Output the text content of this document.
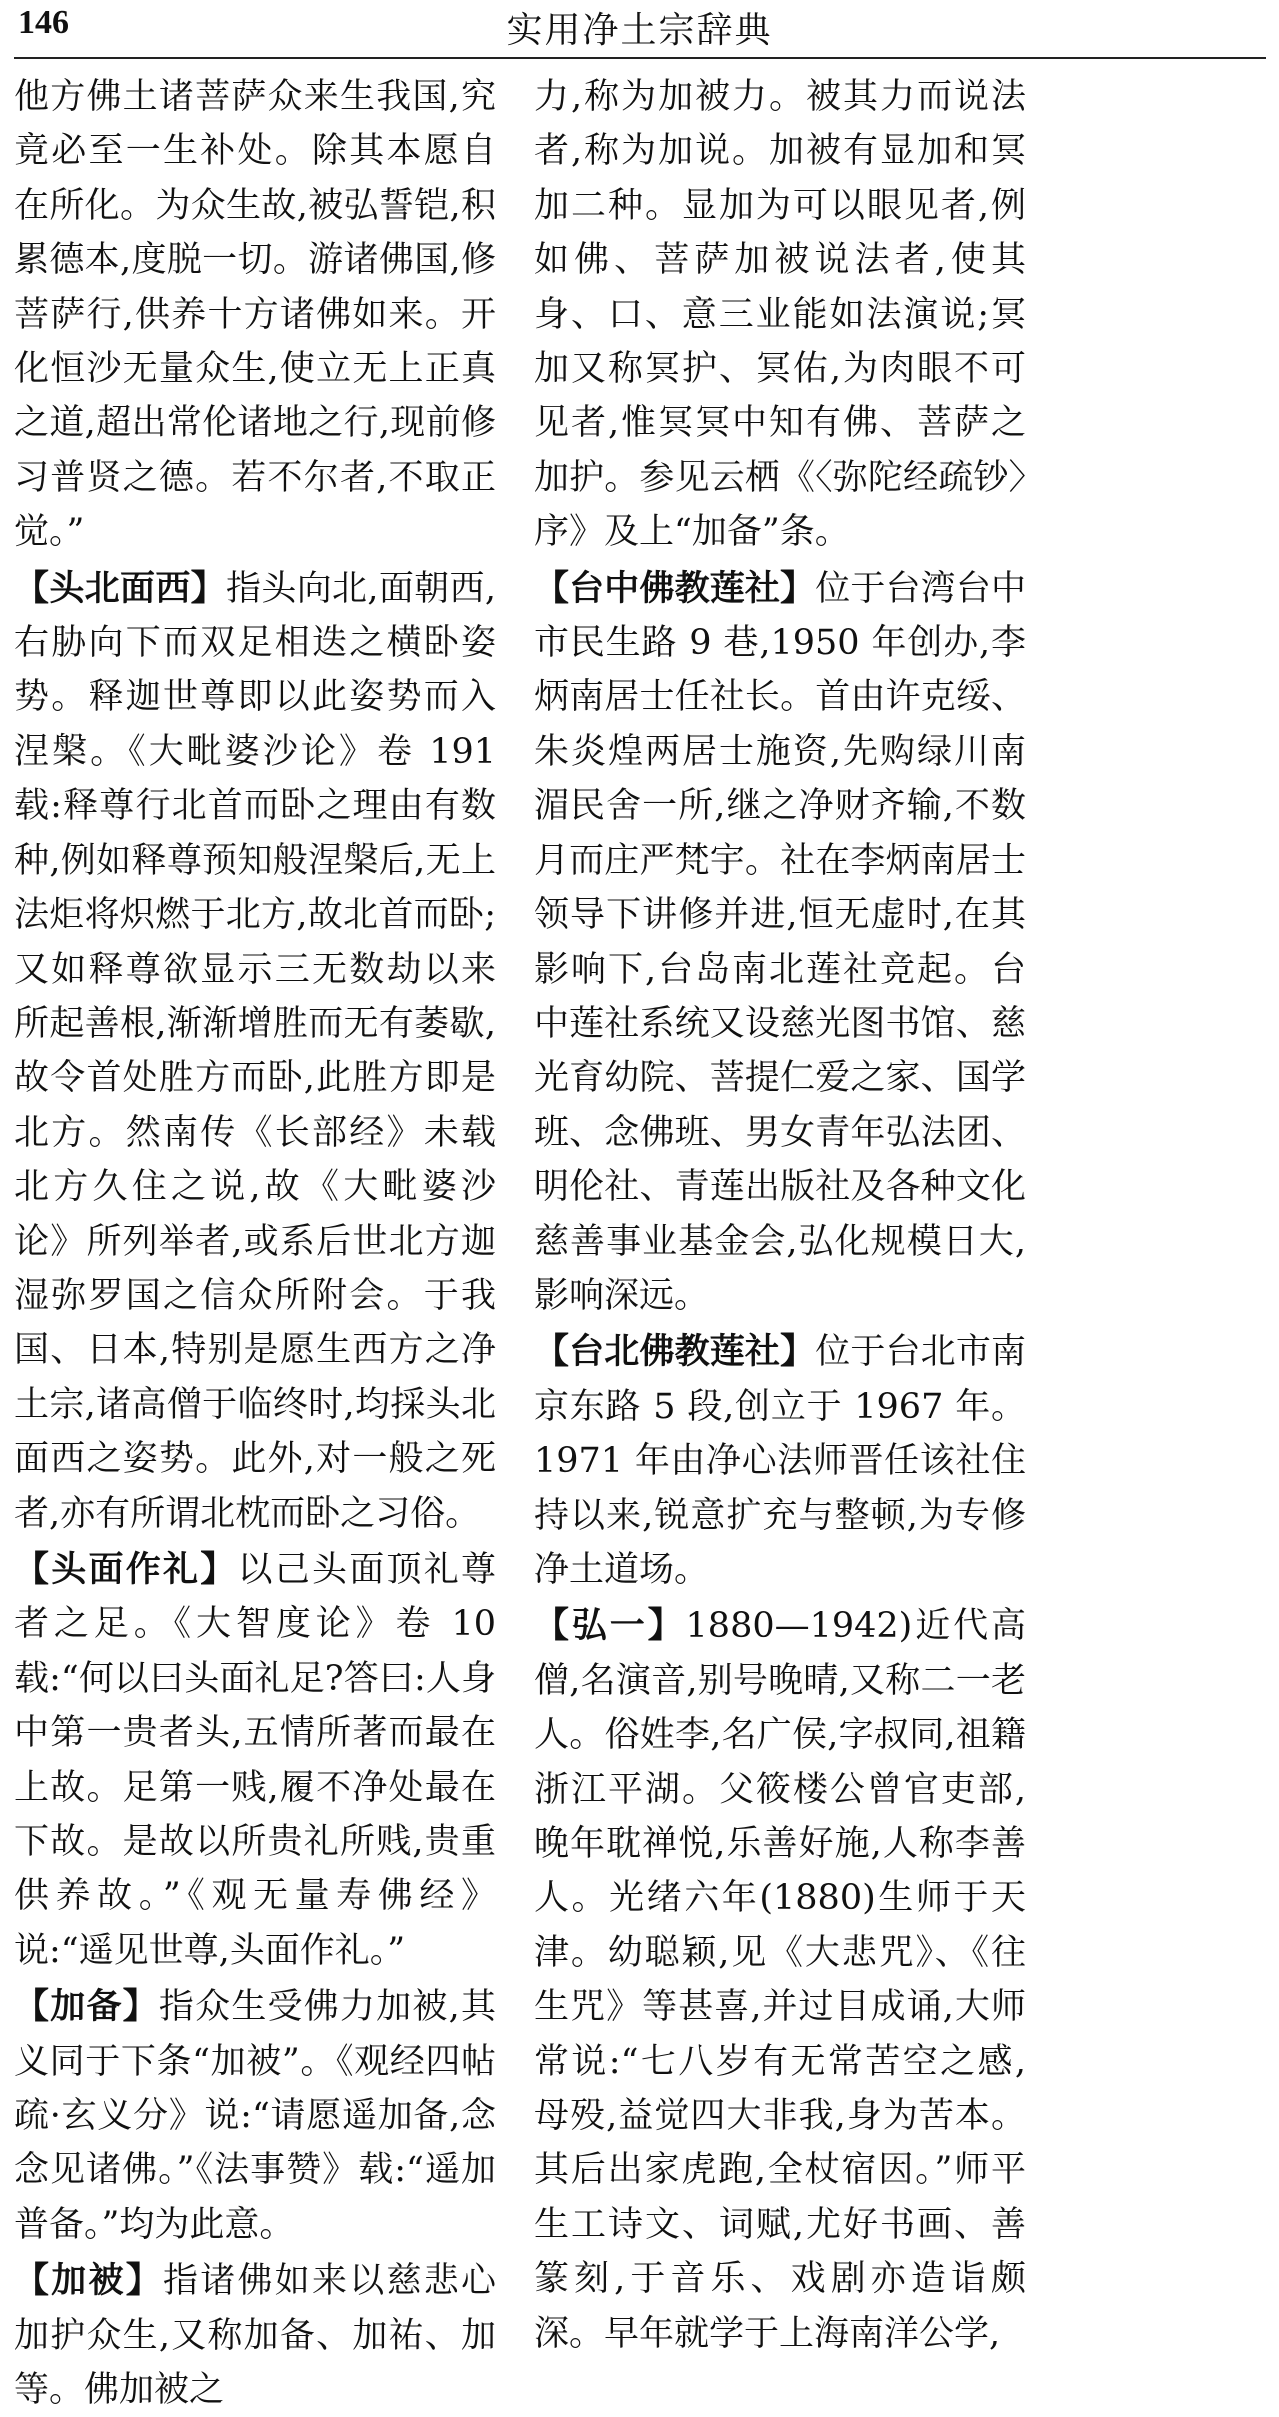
146	实用净土宗辞典

他方佛土诸菩萨众来生我国,究竟必至一生补处。除其本愿自在所化。为众生故,被弘誓铠,积累德本,度脱一切。游诸佛国,修菩萨行,供养十方诸佛如来。开化恒沙无量众生,使立无上正真之道,超出常伦诸地之行,现前修习普贤之德。若不尔者,不取正觉。”

【头北面西】指头向北,面朝西,右胁向下而双足相迭之横卧姿势。释迦世尊即以此姿势而入涅槃。《大毗婆沙论》卷 191 载:释尊行北首而卧之理由有数种,例如释尊预知般涅槃后,无上法炬将炽燃于北方,故北首而卧;又如释尊欲显示三无数劫以来所起善根,渐渐增胜而无有萎歇,故令首处胜方而卧,此胜方即是北方。然南传《长部经》未载北方久住之说,故《大毗婆沙论》所列举者,或系后世北方迦湿弥罗国之信众所附会。于我国、日本,特别是愿生西方之净土宗,诸高僧于临终时,均採头北面西之姿势。此外,对一般之死者,亦有所谓北枕而卧之习俗。

【头面作礼】以己头面顶礼尊者之足。《大智度论》卷 10 载:“何以曰头面礼足?答曰:人身中第一贵者头,五情所著而最在上故。足第一贱,履不净处最在下故。是故以所贵礼所贱,贵重供养故。”《观无量寿佛经》说:“遥见世尊,头面作礼。”

【加备】指众生受佛力加被,其义同于下条“加被”。《观经四帖疏·玄义分》说:“请愿遥加备,念念见诸佛。”《法事赞》载:“遥加普备。”均为此意。

【加被】指诸佛如来以慈悲心加护众生,又称加备、加祐、加等。佛加被之

力,称为加被力。被其力而说法者,称为加说。加被有显加和冥加二种。显加为可以眼见者,例如佛、菩萨加被说法者,使其身、口、意三业能如法演说;冥加又称冥护、冥佑,为肉眼不可见者,惟冥冥中知有佛、菩萨之加护。参见云栖《〈弥陀经疏钞〉序》及上“加备”条。

【台中佛教莲社】位于台湾台中市民生路 9 巷,1950 年创办,李炳南居士任社长。首由许克绥、朱炎煌两居士施资,先购绿川南湄民舍一所,继之净财齐输,不数月而庄严梵宇。社在李炳南居士领导下讲修并进,恒无虚时,在其影响下,台岛南北莲社竞起。台中莲社系统又设慈光图书馆、慈光育幼院、菩提仁爱之家、国学班、念佛班、男女青年弘法团、明伦社、青莲出版社及各种文化慈善事业基金会,弘化规模日大,影响深远。

【台北佛教莲社】位于台北市南京东路 5 段,创立于 1967 年。1971 年由净心法师晋任该社住持以来,锐意扩充与整顿,为专修净土道场。

【弘一】1880—1942)近代高僧,名演音,别号晚晴,又称二一老人。俗姓李,名广侯,字叔同,祖籍浙江平湖。父筱楼公曾官吏部,晚年耽禅悦,乐善好施,人称李善人。光绪六年(1880)生师于天津。幼聪颖,见《大悲咒》、《往生咒》等甚喜,并过目成诵,大师常说:“七八岁有无常苦空之感,母殁,益觉四大非我,身为苦本。其后出家虎跑,全杖宿因。”师平生工诗文、词赋,尤好书画、善篆刻,于音乐、戏剧亦造诣颇深。早年就学于上海南洋公学,
